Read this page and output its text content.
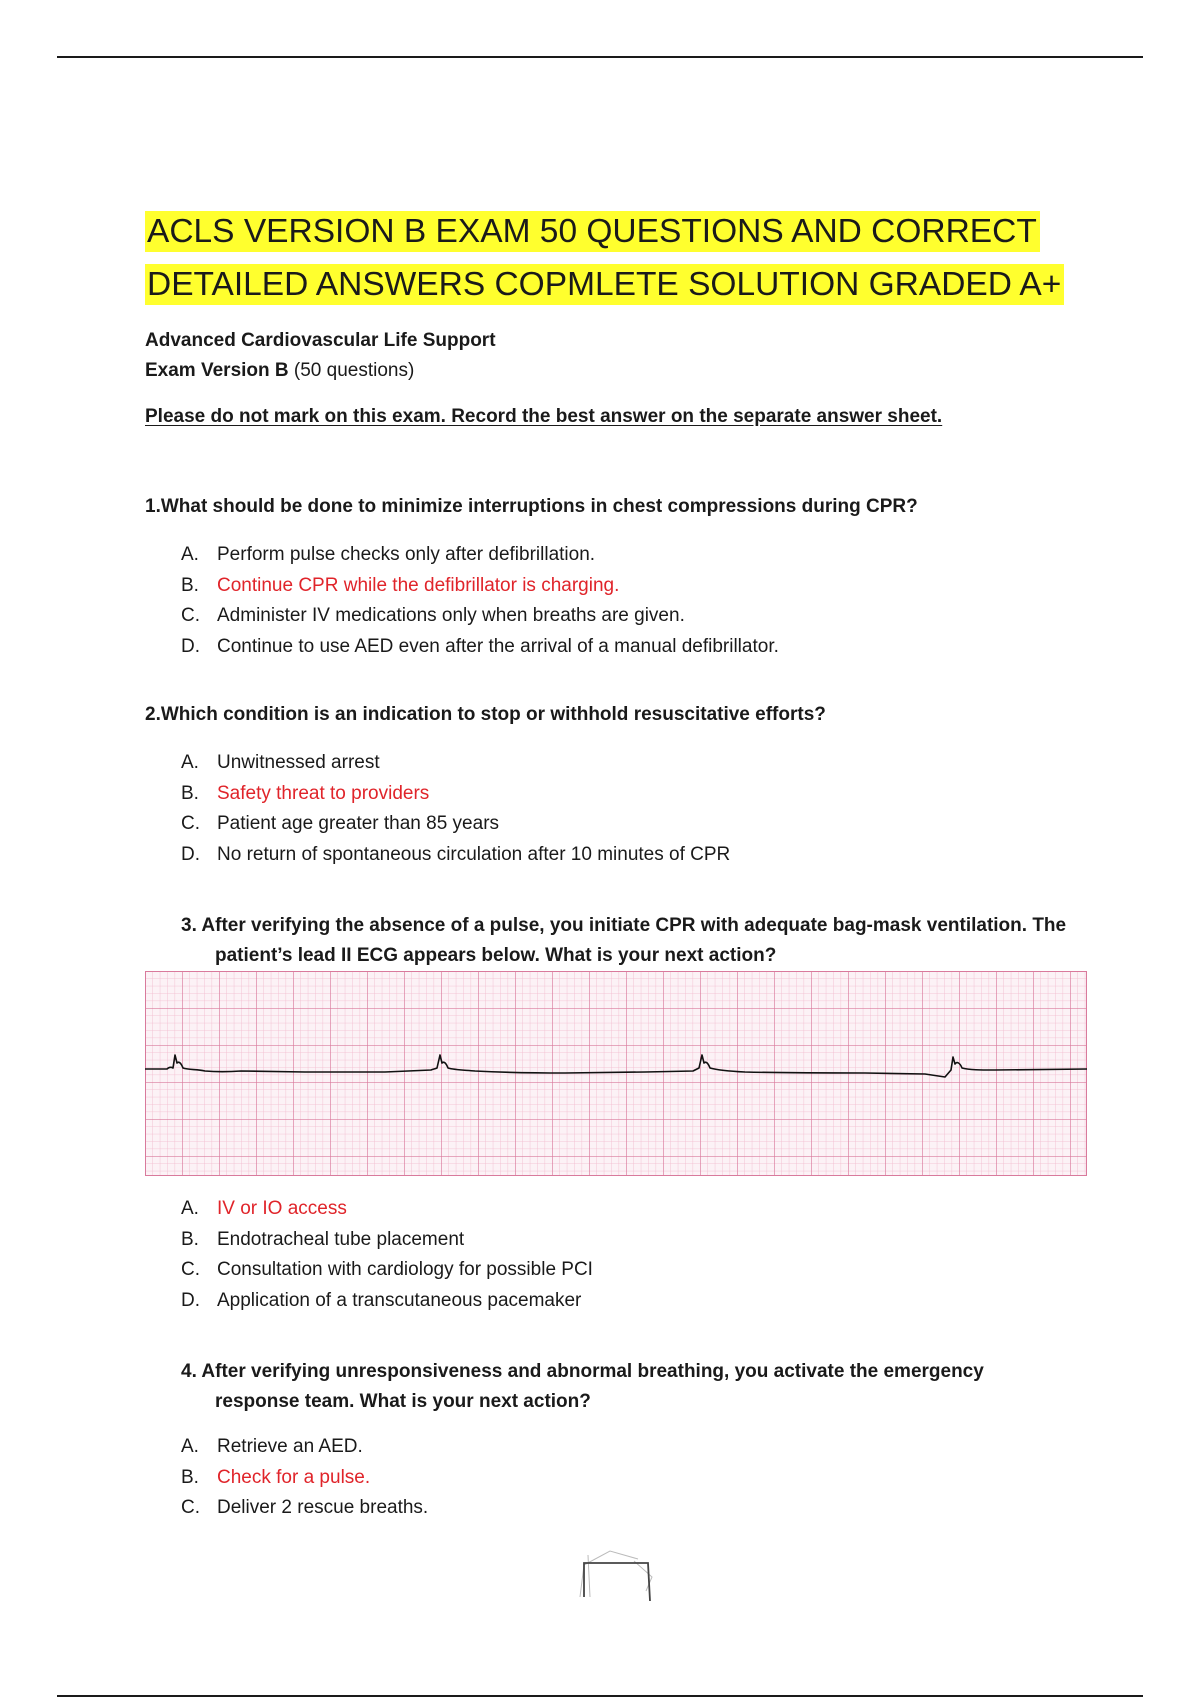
ACLS VERSION B EXAM 50 QUESTIONS AND CORRECT
DETAILED ANSWERS COPMLETE SOLUTION GRADED A+
Advanced Cardiovascular Life Support
Exam Version B (50 questions)
Please do not mark on this exam. Record the best answer on the separate answer sheet.
1.What should be done to minimize interruptions in chest compressions during CPR?
A. Perform pulse checks only after defibrillation.
B. Continue CPR while the defibrillator is charging.
C. Administer IV medications only when breaths are given.
D. Continue to use AED even after the arrival of a manual defibrillator.
2.Which condition is an indication to stop or withhold resuscitative efforts?
A. Unwitnessed arrest
B. Safety threat to providers
C. Patient age greater than 85 years
D. No return of spontaneous circulation after 10 minutes of CPR
3. After verifying the absence of a pulse, you initiate CPR with adequate bag-mask ventilation. The
patient’s lead II ECG appears below. What is your next action?
A. IV or IO access
B. Endotracheal tube placement
C. Consultation with cardiology for possible PCI
D. Application of a transcutaneous pacemaker
4. After verifying unresponsiveness and abnormal breathing, you activate the emergency
response team. What is your next action?
A. Retrieve an AED.
B. Check for a pulse.
C. Deliver 2 rescue breaths.
